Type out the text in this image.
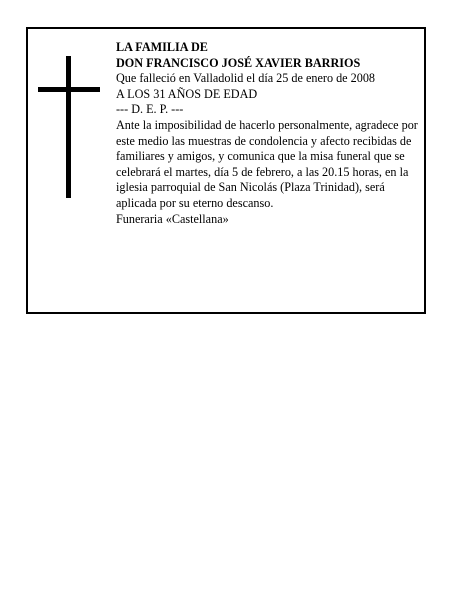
LA FAMILIA DE

DON FRANCISCO JOSÉ XAVIER BARRIOS

Que falleció en Valladolid el día 25 de enero de 2008

A LOS 31 AÑOS DE EDAD

--- D. E. P. ---

Ante la imposibilidad de hacerlo personalmente, agradece por este medio las muestras de condolencia y afecto recibidas de familiares y amigos, y comunica que la misa funeral que se celebrará el martes, día 5 de febrero, a las 20.15 horas, en la iglesia parroquial de San Nicolás (Plaza Trinidad), será aplicada por su eterno descanso.

Funeraria «Castellana»
